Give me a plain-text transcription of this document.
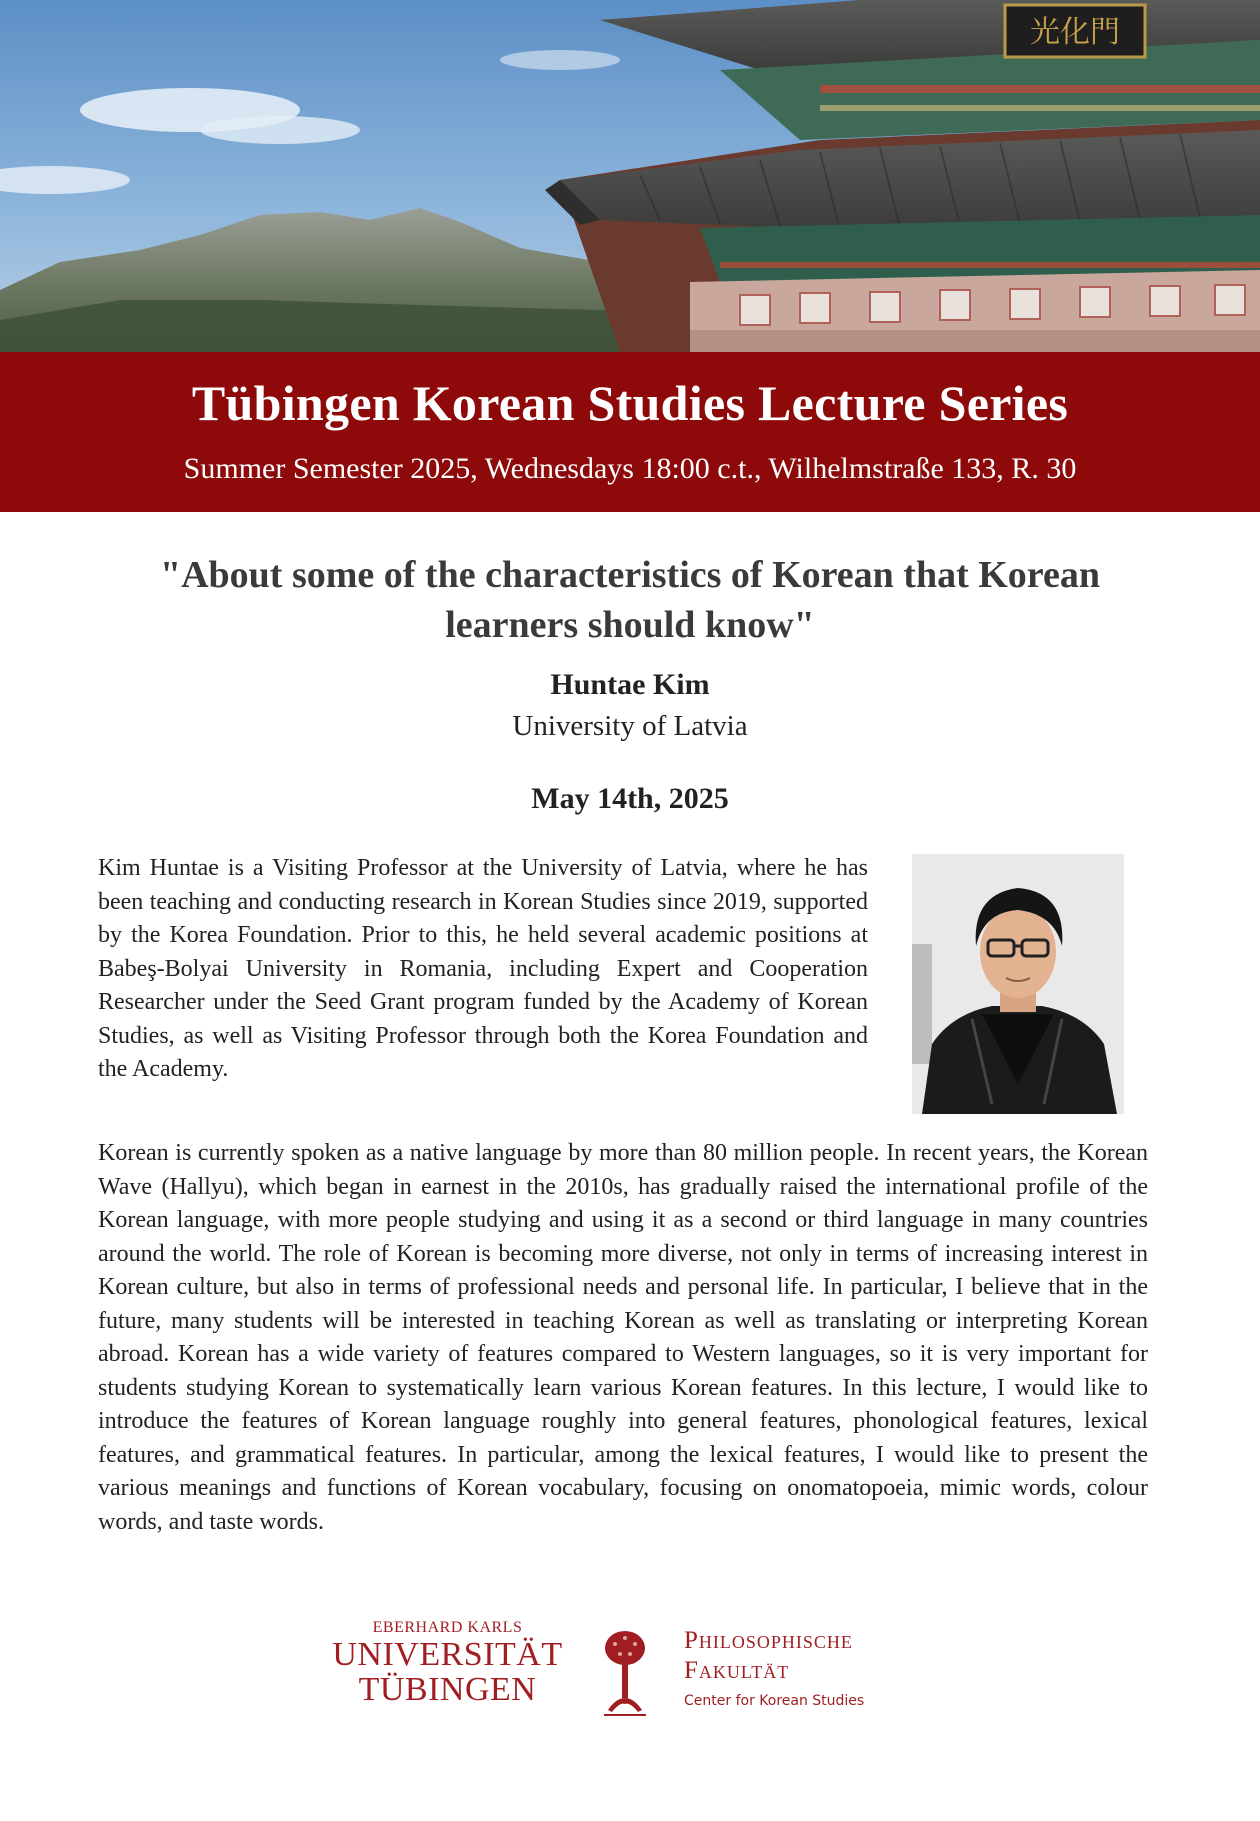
光化門
Tübingen Korean Studies Lecture Series
Summer Semester 2025, Wednesdays 18:00 c.t., Wilhelmstraße 133, R. 30
"About some of the characteristics of Korean that Korean learners should know"
Huntae Kim
University of Latvia
May 14th, 2025
Kim Huntae is a Visiting Professor at the University of Latvia, where he has been teaching and conducting research in Korean Studies since 2019, supported by the Korea Foundation. Prior to this, he held several academic positions at Babeş-Bolyai University in Romania, including Expert and Cooperation Researcher under the Seed Grant program funded by the Academy of Korean Studies, as well as Visiting Professor through both the Korea Foundation and the Academy.
Korean is currently spoken as a native language by more than 80 million people. In recent years, the Korean Wave (Hallyu), which began in earnest in the 2010s, has gradually raised the international profile of the Korean language, with more people studying and using it as a second or third language in many countries around the world. The role of Korean is becoming more diverse, not only in terms of increasing interest in Korean culture, but also in terms of professional needs and personal life. In particular, I believe that in the future, many students will be interested in teaching Korean as well as translating or interpreting Korean abroad. Korean has a wide variety of features compared to Western languages, so it is very important for students studying Korean to systematically learn various Korean features. In this lecture, I would like to introduce the features of Korean language roughly into general features, phonological features, lexical features, and grammatical features. In particular, among the lexical features, I would like to present the various meanings and functions of Korean vocabulary, focusing on onomatopoeia, mimic words, colour words, and taste words.
EBERHARD KARLS
UNIVERSITÄT
TÜBINGEN
Philosophische
Fakultät
Center for Korean Studies
